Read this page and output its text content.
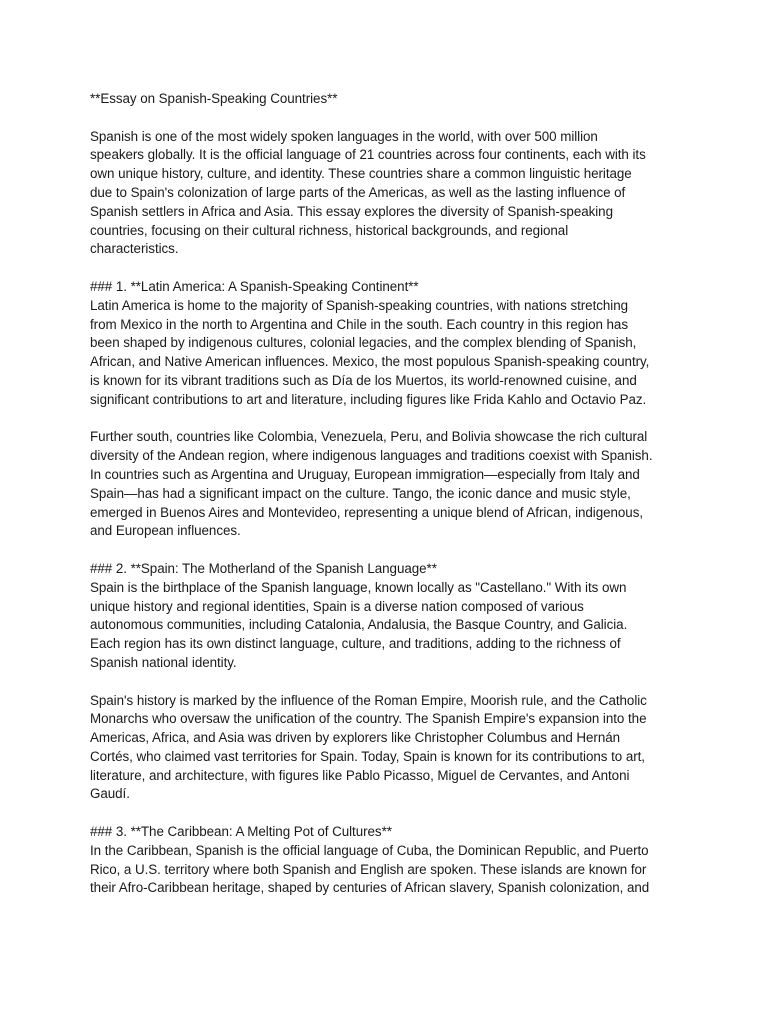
**Essay on Spanish-Speaking Countries**
Spanish is one of the most widely spoken languages in the world, with over 500 million
speakers globally. It is the official language of 21 countries across four continents, each with its
own unique history, culture, and identity. These countries share a common linguistic heritage
due to Spain's colonization of large parts of the Americas, as well as the lasting influence of
Spanish settlers in Africa and Asia. This essay explores the diversity of Spanish-speaking
countries, focusing on their cultural richness, historical backgrounds, and regional
characteristics.
### 1. **Latin America: A Spanish-Speaking Continent**
Latin America is home to the majority of Spanish-speaking countries, with nations stretching
from Mexico in the north to Argentina and Chile in the south. Each country in this region has
been shaped by indigenous cultures, colonial legacies, and the complex blending of Spanish,
African, and Native American influences. Mexico, the most populous Spanish-speaking country,
is known for its vibrant traditions such as Día de los Muertos, its world-renowned cuisine, and
significant contributions to art and literature, including figures like Frida Kahlo and Octavio Paz.
Further south, countries like Colombia, Venezuela, Peru, and Bolivia showcase the rich cultural
diversity of the Andean region, where indigenous languages and traditions coexist with Spanish.
In countries such as Argentina and Uruguay, European immigration—especially from Italy and
Spain—has had a significant impact on the culture. Tango, the iconic dance and music style,
emerged in Buenos Aires and Montevideo, representing a unique blend of African, indigenous,
and European influences.
### 2. **Spain: The Motherland of the Spanish Language**
Spain is the birthplace of the Spanish language, known locally as "Castellano." With its own
unique history and regional identities, Spain is a diverse nation composed of various
autonomous communities, including Catalonia, Andalusia, the Basque Country, and Galicia.
Each region has its own distinct language, culture, and traditions, adding to the richness of
Spanish national identity.
Spain's history is marked by the influence of the Roman Empire, Moorish rule, and the Catholic
Monarchs who oversaw the unification of the country. The Spanish Empire's expansion into the
Americas, Africa, and Asia was driven by explorers like Christopher Columbus and Hernán
Cortés, who claimed vast territories for Spain. Today, Spain is known for its contributions to art,
literature, and architecture, with figures like Pablo Picasso, Miguel de Cervantes, and Antoni
Gaudí.
### 3. **The Caribbean: A Melting Pot of Cultures**
In the Caribbean, Spanish is the official language of Cuba, the Dominican Republic, and Puerto
Rico, a U.S. territory where both Spanish and English are spoken. These islands are known for
their Afro-Caribbean heritage, shaped by centuries of African slavery, Spanish colonization, and
